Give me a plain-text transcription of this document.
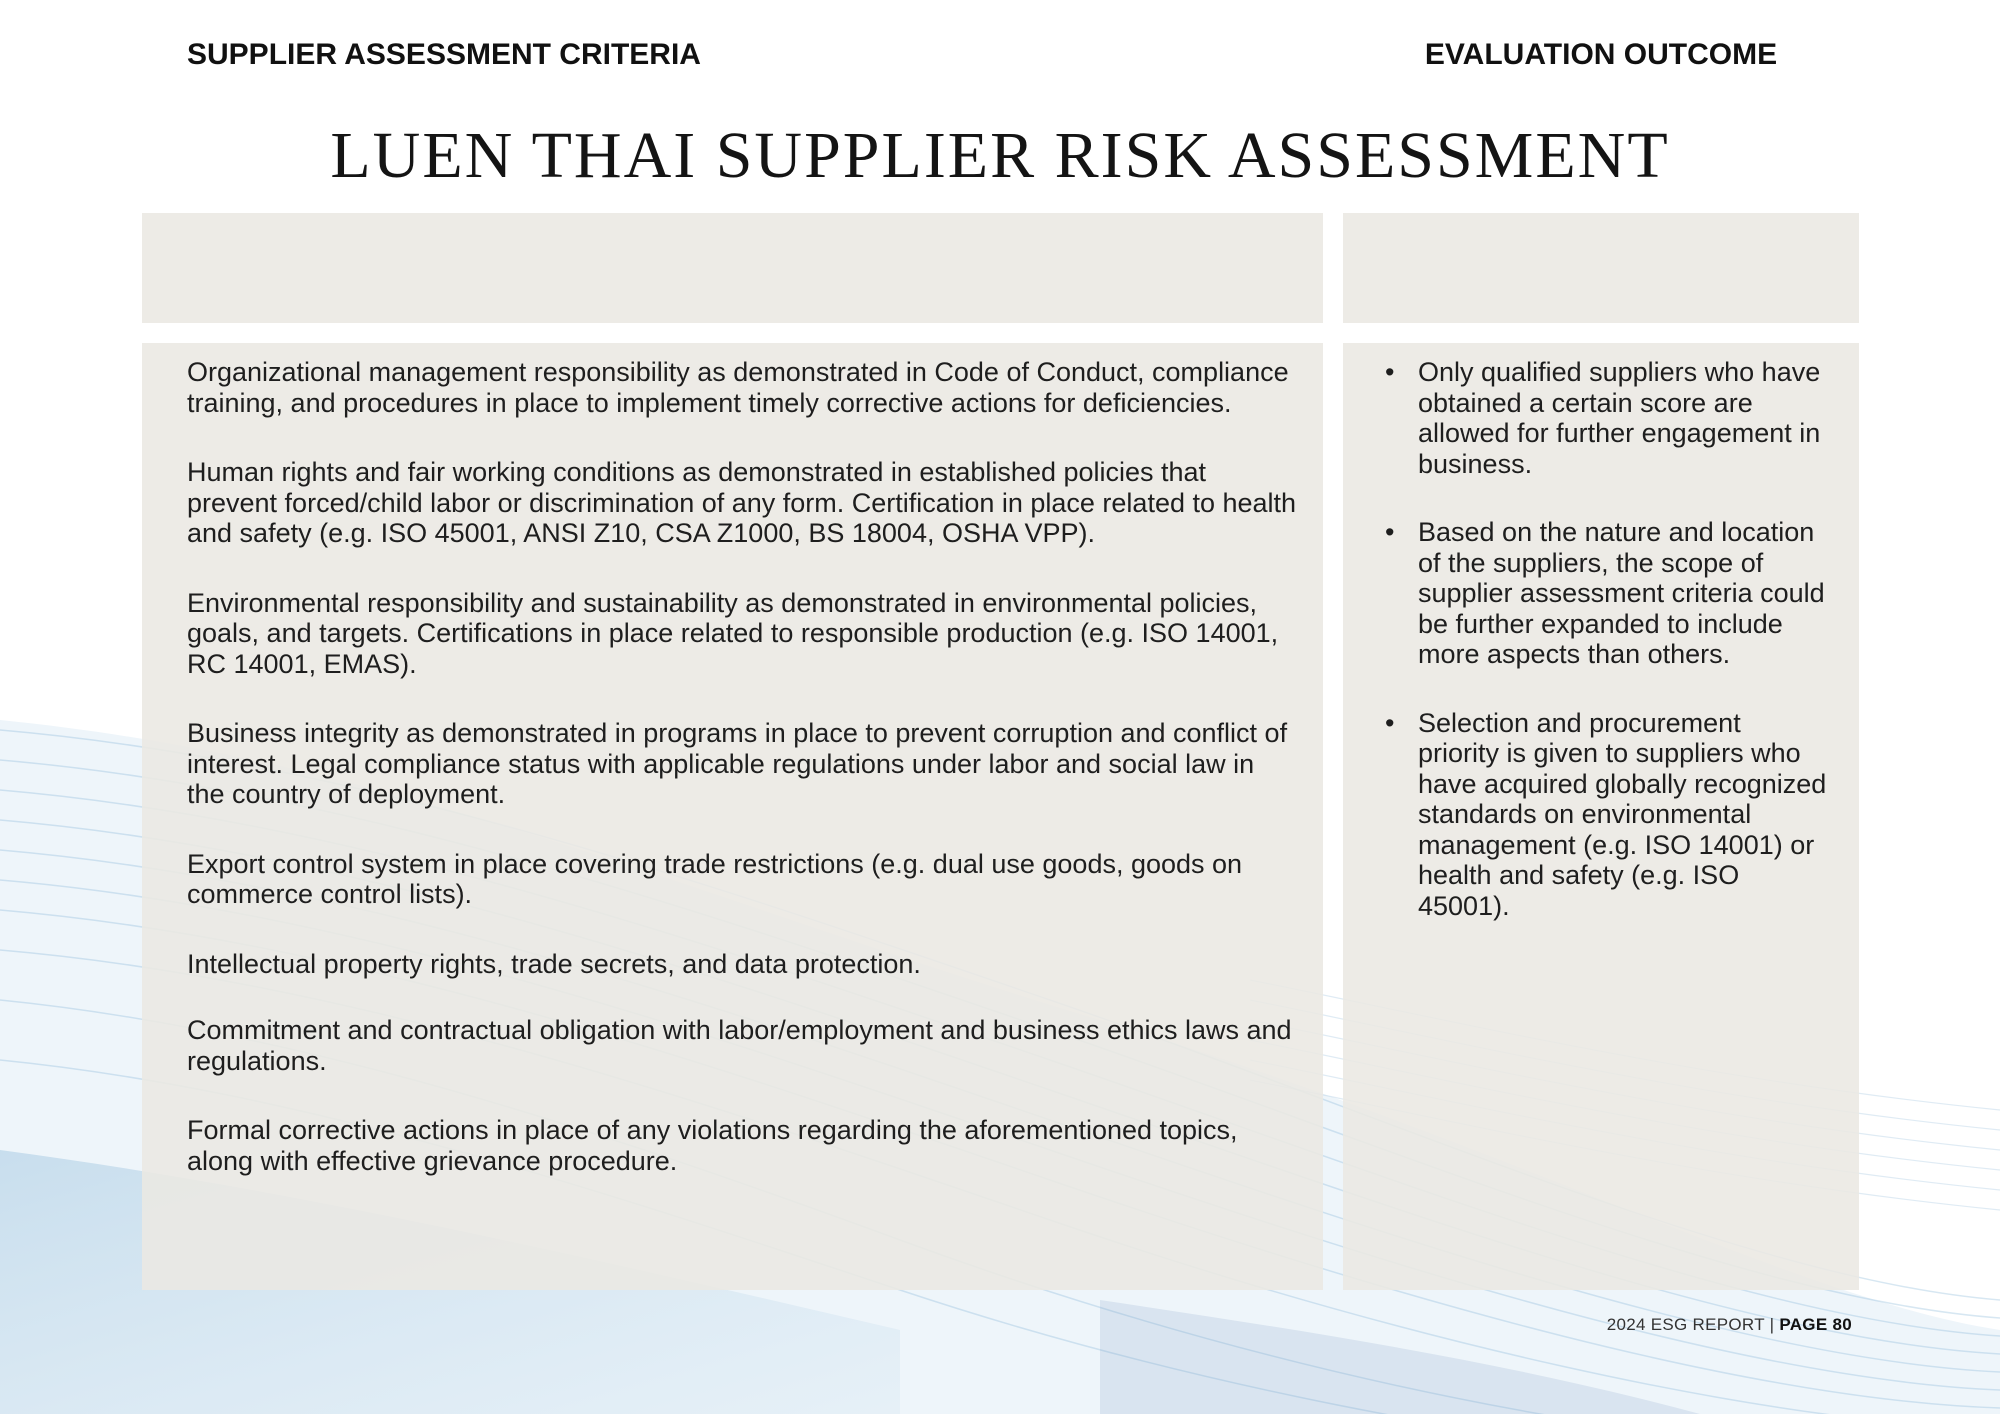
LUEN THAI SUPPLIER RISK ASSESSMENT
SUPPLIER ASSESSMENT CRITERIA	EVALUATION OUTCOME
Organizational management responsibility as demonstrated in Code of Conduct, compliance training, and procedures in place to implement timely corrective actions for deficiencies.
Human rights and fair working conditions as demonstrated in established policies that prevent forced/child labor or discrimination of any form. Certification in place related to health and safety (e.g. ISO 45001, ANSI Z10, CSA Z1000, BS 18004, OSHA VPP).
Environmental responsibility and sustainability as demonstrated in environmental policies, goals, and targets. Certifications in place related to responsible production (e.g. ISO 14001, RC 14001, EMAS).
Business integrity as demonstrated in programs in place to prevent corruption and conflict of interest. Legal compliance status with applicable regulations under labor and social law in the country of deployment.
Export control system in place covering trade restrictions (e.g. dual use goods, goods on commerce control lists).
Intellectual property rights, trade secrets, and data protection.
Commitment and contractual obligation with labor/employment and business ethics laws and regulations.
Formal corrective actions in place of any violations regarding the aforementioned topics, along with effective grievance procedure.
• Only qualified suppliers who have obtained a certain score are allowed for further engagement in business.
• Based on the nature and location of the suppliers, the scope of supplier assessment criteria could be further expanded to include more aspects than others.
• Selection and procurement priority is given to suppliers who have acquired globally recognized standards on environmental management (e.g. ISO 14001) or health and safety (e.g. ISO 45001).
2024 ESG REPORT | PAGE 80
